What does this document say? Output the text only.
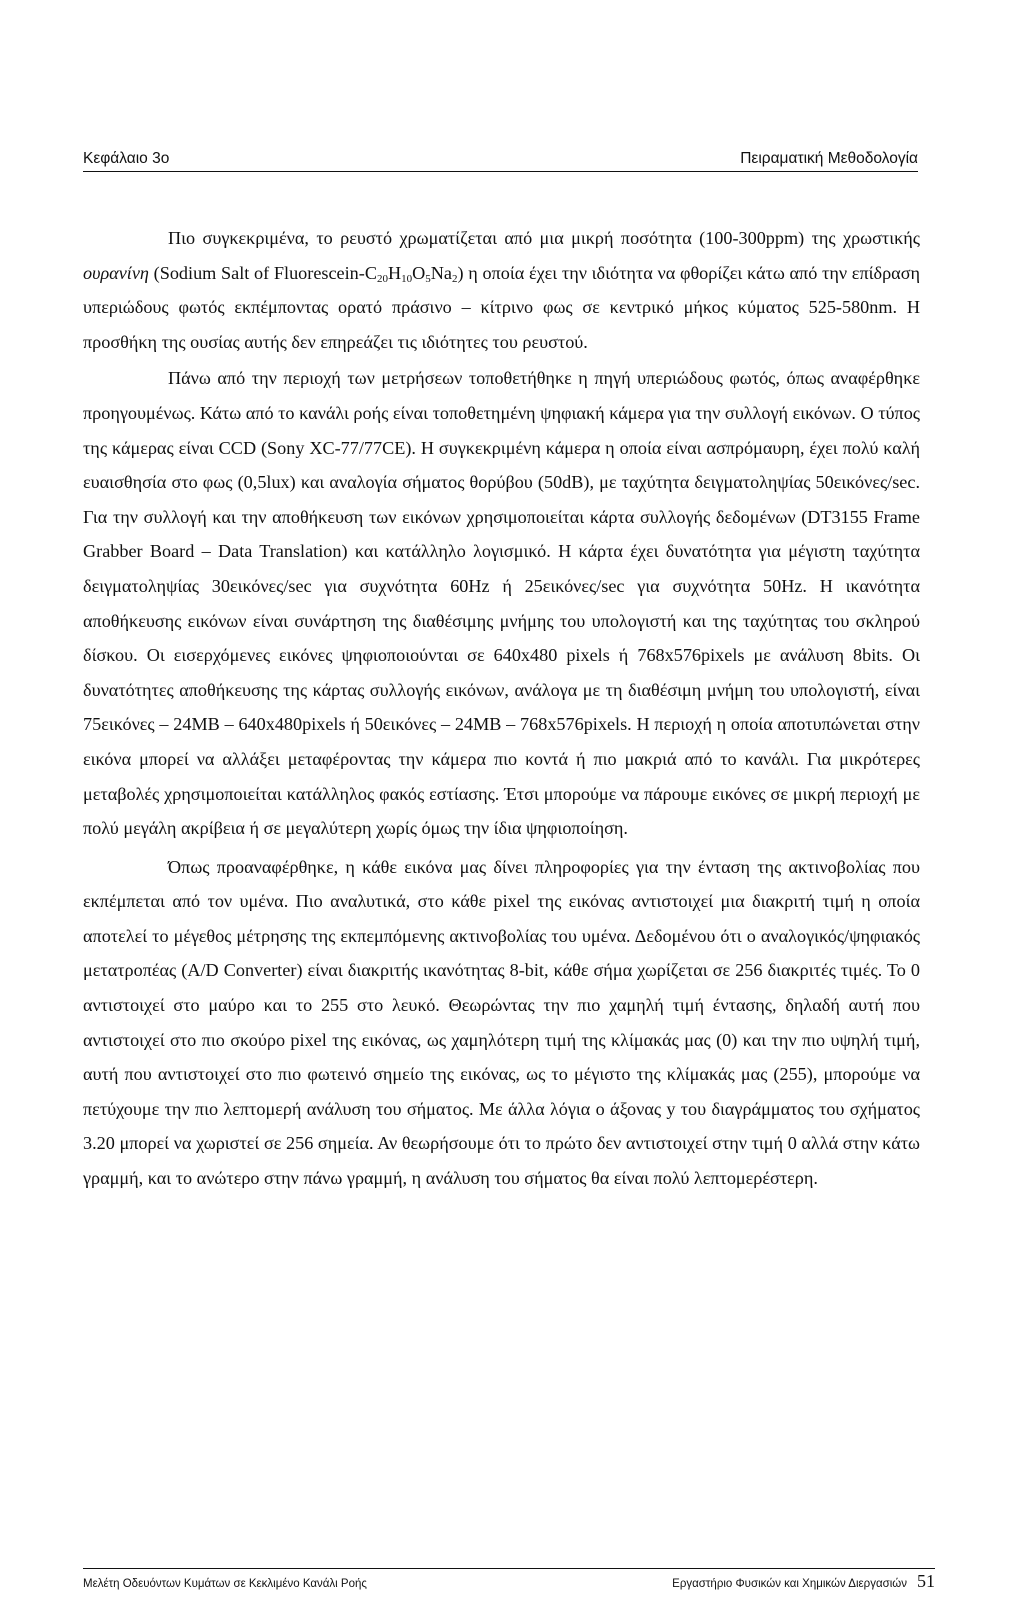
Κεφάλαιο 3ο	Πειραματική Μεθοδολογία

Πιο συγκεκριμένα, το ρευστό χρωματίζεται από μια μικρή ποσότητα (100-300ppm) της χρωστικής ουρανίνη (Sodium Salt of Fluorescein-$C_{20}H_{10}O_5Na_2$) η οποία έχει την ιδιότητα να φθορίζει κάτω από την επίδραση υπεριώδους φωτός εκπέμποντας ορατό πράσινο – κίτρινο φως σε κεντρικό μήκος κύματος 525-580nm. Η προσθήκη της ουσίας αυτής δεν επηρεάζει τις ιδιότητες του ρευστού.

Πάνω από την περιοχή των μετρήσεων τοποθετήθηκε η πηγή υπεριώδους φωτός, όπως αναφέρθηκε προηγουμένως. Κάτω από το κανάλι ροής είναι τοποθετημένη ψηφιακή κάμερα για την συλλογή εικόνων. Ο τύπος της κάμερας είναι CCD (Sony XC-77/77CE). Η συγκεκριμένη κάμερα η οποία είναι ασπρόμαυρη, έχει πολύ καλή ευαισθησία στο φως (0,5lux) και αναλογία σήματος θορύβου (50dB), με ταχύτητα δειγματοληψίας 50εικόνες/sec. Για την συλλογή και την αποθήκευση των εικόνων χρησιμοποιείται κάρτα συλλογής δεδομένων (DT3155 Frame Grabber Board – Data Translation) και κατάλληλο λογισμικό. Η κάρτα έχει δυνατότητα για μέγιστη ταχύτητα δειγματοληψίας 30εικόνες/sec για συχνότητα 60Hz ή 25εικόνες/sec για συχνότητα 50Hz. Η ικανότητα αποθήκευσης εικόνων είναι συνάρτηση της διαθέσιμης μνήμης του υπολογιστή και της ταχύτητας του σκληρού δίσκου. Οι εισερχόμενες εικόνες ψηφιοποιούνται σε 640x480 pixels ή 768x576pixels με ανάλυση 8bits. Οι δυνατότητες αποθήκευσης της κάρτας συλλογής εικόνων, ανάλογα με τη διαθέσιμη μνήμη του υπολογιστή, είναι 75εικόνες – 24MB – 640x480pixels ή 50εικόνες – 24MB – 768x576pixels. Η περιοχή η οποία αποτυπώνεται στην εικόνα μπορεί να αλλάξει μεταφέροντας την κάμερα πιο κοντά ή πιο μακριά από το κανάλι. Για μικρότερες μεταβολές χρησιμοποιείται κατάλληλος φακός εστίασης. Έτσι μπορούμε να πάρουμε εικόνες σε μικρή περιοχή με πολύ μεγάλη ακρίβεια ή σε μεγαλύτερη χωρίς όμως την ίδια ψηφιοποίηση.

Όπως προαναφέρθηκε, η κάθε εικόνα μας δίνει πληροφορίες για την ένταση της ακτινοβολίας που εκπέμπεται από τον υμένα. Πιο αναλυτικά, στο κάθε pixel της εικόνας αντιστοιχεί μια διακριτή τιμή η οποία αποτελεί το μέγεθος μέτρησης της εκπεμπόμενης ακτινοβολίας του υμένα. Δεδομένου ότι ο αναλογικός/ψηφιακός μετατροπέας (A/D Converter) είναι διακριτής ικανότητας 8-bit, κάθε σήμα χωρίζεται σε 256 διακριτές τιμές. Το 0 αντιστοιχεί στο μαύρο και το 255 στο λευκό. Θεωρώντας την πιο χαμηλή τιμή έντασης, δηλαδή αυτή που αντιστοιχεί στο πιο σκούρο pixel της εικόνας, ως χαμηλότερη τιμή της κλίμακάς μας (0) και την πιο υψηλή τιμή, αυτή που αντιστοιχεί στο πιο φωτεινό σημείο της εικόνας, ως το μέγιστο της κλίμακάς μας (255), μπορούμε να πετύχουμε την πιο λεπτομερή ανάλυση του σήματος. Με άλλα λόγια ο άξονας y του διαγράμματος του σχήματος 3.20 μπορεί να χωριστεί σε 256 σημεία. Αν θεωρήσουμε ότι το πρώτο δεν αντιστοιχεί στην τιμή 0 αλλά στην κάτω γραμμή, και το ανώτερο στην πάνω γραμμή, η ανάλυση του σήματος θα είναι πολύ λεπτομερέστερη.

Μελέτη Οδευόντων Κυμάτων σε Κεκλιμένο Κανάλι Ροής	Εργαστήριο Φυσικών και Χημικών Διεργασιών 51
